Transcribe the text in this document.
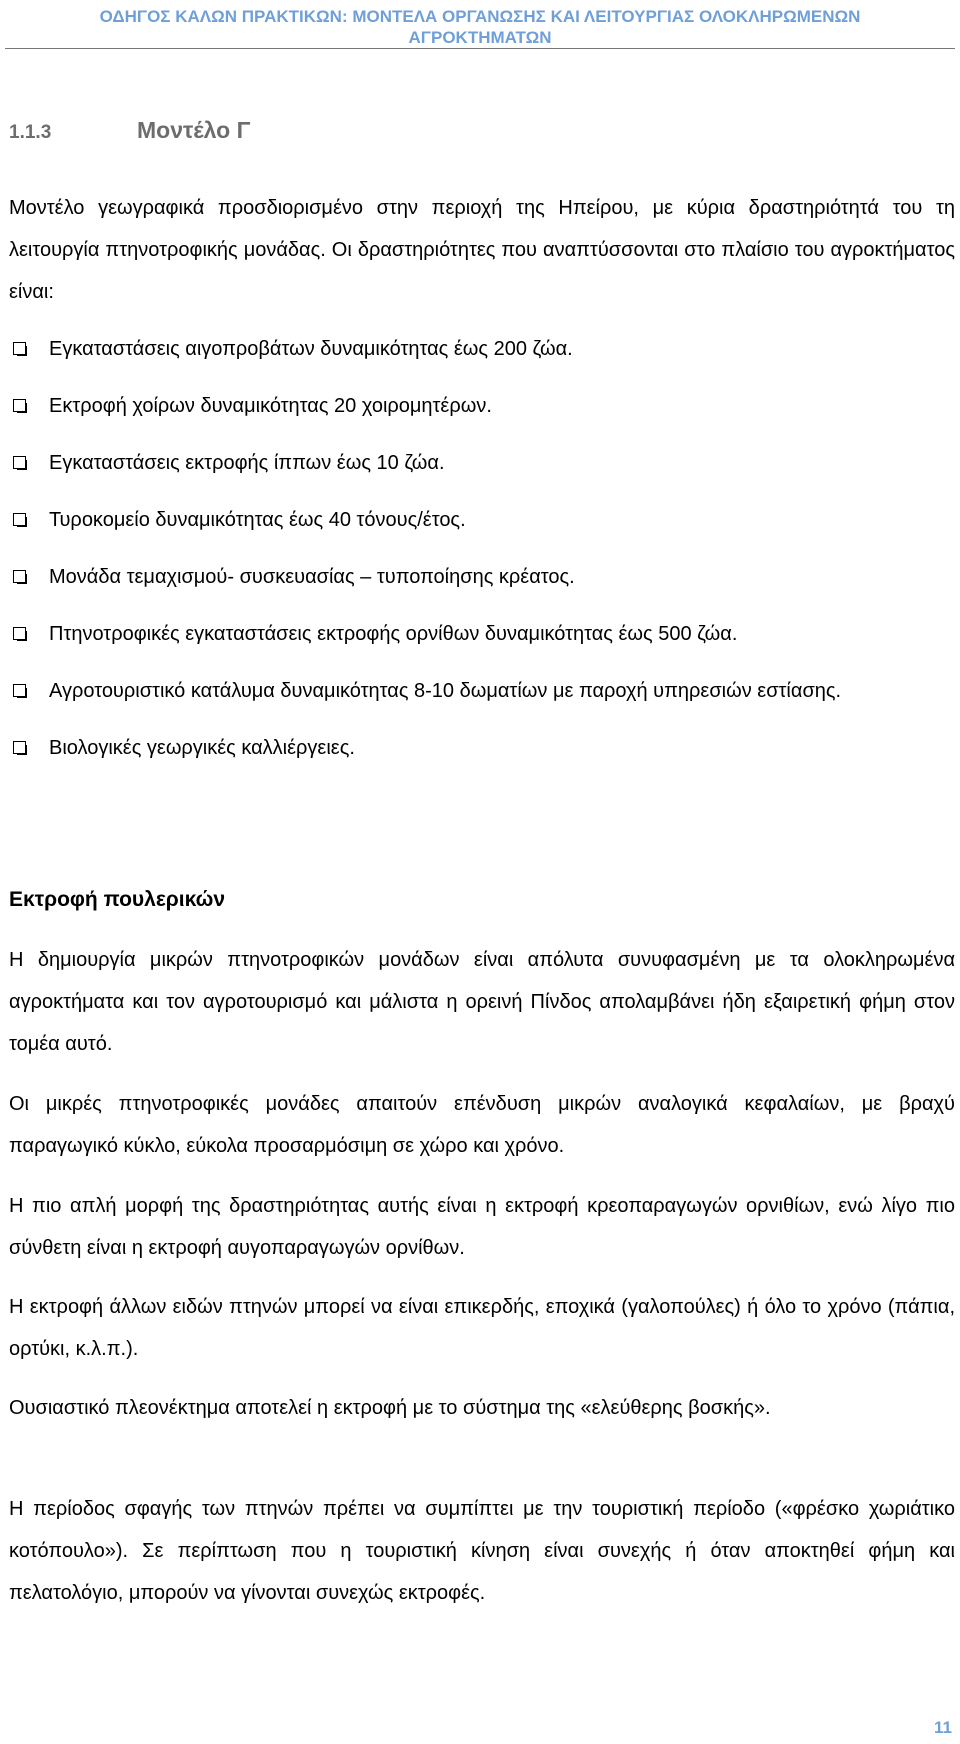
ΟΔΗΓΟΣ ΚΑΛΩΝ ΠΡΑΚΤΙΚΩΝ: ΜΟΝΤΕΛΑ ΟΡΓΑΝΩΣΗΣ ΚΑΙ ΛΕΙΤΟΥΡΓΙΑΣ ΟΛΟΚΛΗΡΩΜΕΝΩΝ
ΑΓΡΟΚΤΗΜΑΤΩΝ
1.1.3	Μοντέλο Γ

Μοντέλο γεωγραφικά προσδιορισμένο στην περιοχή της Ηπείρου, με κύρια δραστηριότητά του τη λειτουργία πτηνοτροφικής μονάδας. Οι δραστηριότητες που αναπτύσσονται στο πλαίσιο του αγροκτήματος είναι:

Εγκαταστάσεις αιγοπροβάτων δυναμικότητας έως 200 ζώα.
Εκτροφή χοίρων δυναμικότητας 20 χοιρομητέρων.
Εγκαταστάσεις εκτροφής ίππων έως 10 ζώα.
Τυροκομείο δυναμικότητας έως 40 τόνους/έτος.
Μονάδα τεμαχισμού- συσκευασίας – τυποποίησης κρέατος.
Πτηνοτροφικές εγκαταστάσεις εκτροφής ορνίθων δυναμικότητας έως 500 ζώα.
Αγροτουριστικό κατάλυμα δυναμικότητας 8-10 δωματίων με παροχή υπηρεσιών εστίασης.
Βιολογικές γεωργικές καλλιέργειες.
Εκτροφή πουλερικών

Η δημιουργία μικρών πτηνοτροφικών μονάδων είναι απόλυτα συνυφασμένη με τα ολοκληρωμένα αγροκτήματα και τον αγροτουρισμό και μάλιστα η ορεινή Πίνδος απολαμβάνει ήδη εξαιρετική φήμη στον τομέα αυτό.

Οι μικρές πτηνοτροφικές μονάδες απαιτούν επένδυση μικρών αναλογικά κεφαλαίων, με βραχύ παραγωγικό κύκλο, εύκολα προσαρμόσιμη σε χώρο και χρόνο.

Η πιο απλή μορφή της δραστηριότητας αυτής είναι η εκτροφή κρεοπαραγωγών ορνιθίων, ενώ λίγο πιο σύνθετη είναι η εκτροφή αυγοπαραγωγών ορνίθων.

Η εκτροφή άλλων ειδών πτηνών μπορεί να είναι επικερδής, εποχικά (γαλοπούλες) ή όλο το χρόνο (πάπια, ορτύκι, κ.λ.π.).

Ουσιαστικό πλεονέκτημα αποτελεί η εκτροφή με το σύστημα της «ελεύθερης βοσκής».

Η περίοδος σφαγής των πτηνών πρέπει να συμπίπτει με την τουριστική περίοδο («φρέσκο χωριάτικο κοτόπουλο»). Σε περίπτωση που η τουριστική κίνηση είναι συνεχής ή όταν αποκτηθεί φήμη και πελατολόγιο, μπορούν να γίνονται συνεχώς εκτροφές.

11
